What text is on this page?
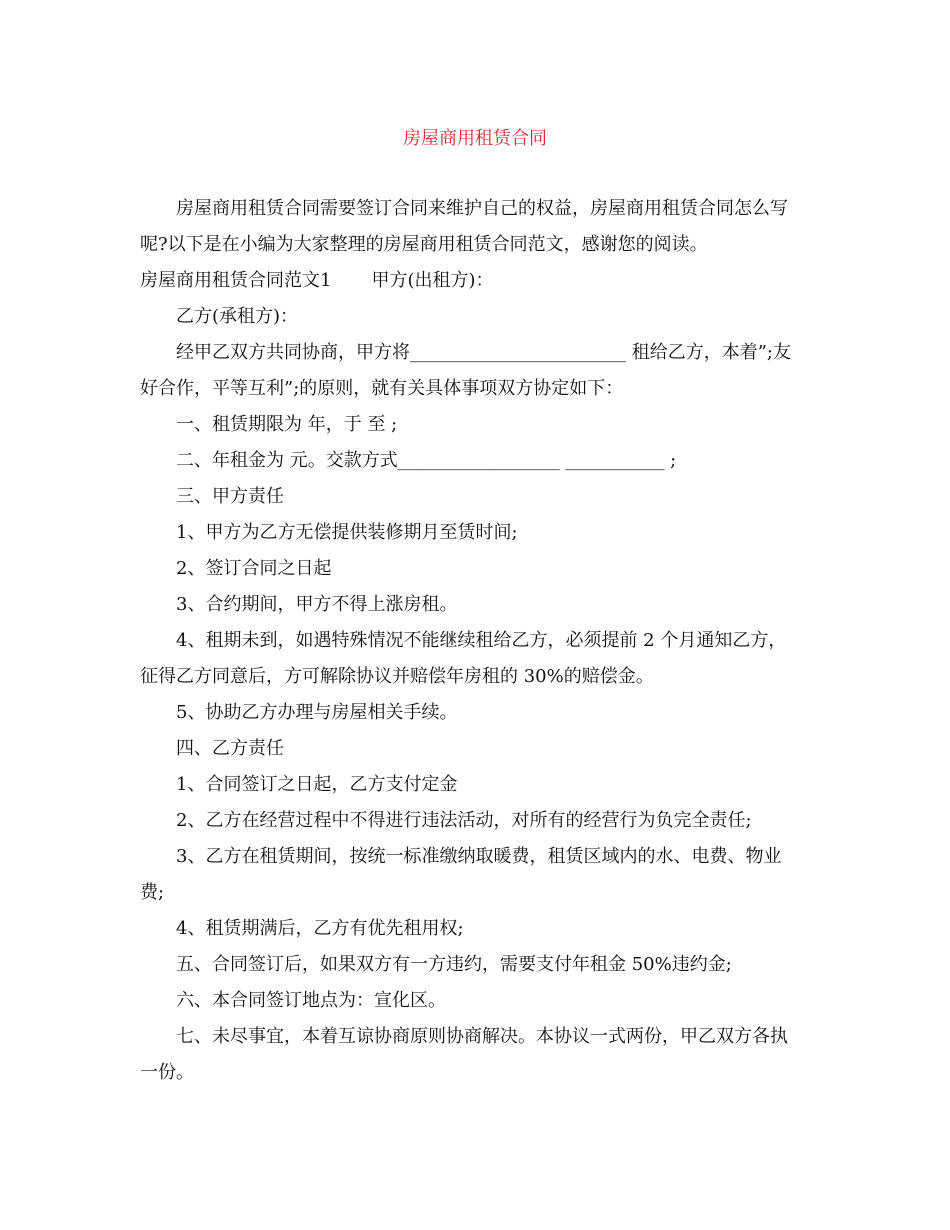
房屋商用租赁合同
房屋商用租赁合同需要签订合同来维护自己的权益，房屋商用租赁合同怎么写
呢?以下是在小编为大家整理的房屋商用租赁合同范文，感谢您的阅读。
房屋商用租赁合同范文1 甲方(出租方)：
乙方(承租方)：
经甲乙双方共同协商，甲方将________________________ 租给乙方，本着”;友
好合作，平等互利”;的原则，就有关具体事项双方协定如下：
一、租赁期限为 年，于 至 ;
二、年租金为 元。交款方式__________________ ___________ ;
三、甲方责任
1、甲方为乙方无偿提供装修期月至赁时间;
2、签订合同之日起
3、合约期间，甲方不得上涨房租。
4、租期未到，如遇特殊情况不能继续租给乙方，必须提前 2 个月通知乙方，
征得乙方同意后，方可解除协议并赔偿年房租的 30%的赔偿金。
5、协助乙方办理与房屋相关手续。
四、乙方责任
1、合同签订之日起，乙方支付定金
2、乙方在经营过程中不得进行违法活动，对所有的经营行为负完全责任;
3、乙方在租赁期间，按统一标准缴纳取暖费，租赁区域内的水、电费、物业
费;
4、租赁期满后，乙方有优先租用权;
五、合同签订后，如果双方有一方违约，需要支付年租金 50%违约金;
六、本合同签订地点为：宣化区。
七、未尽事宜，本着互谅协商原则协商解决。本协议一式两份，甲乙双方各执
一份。
